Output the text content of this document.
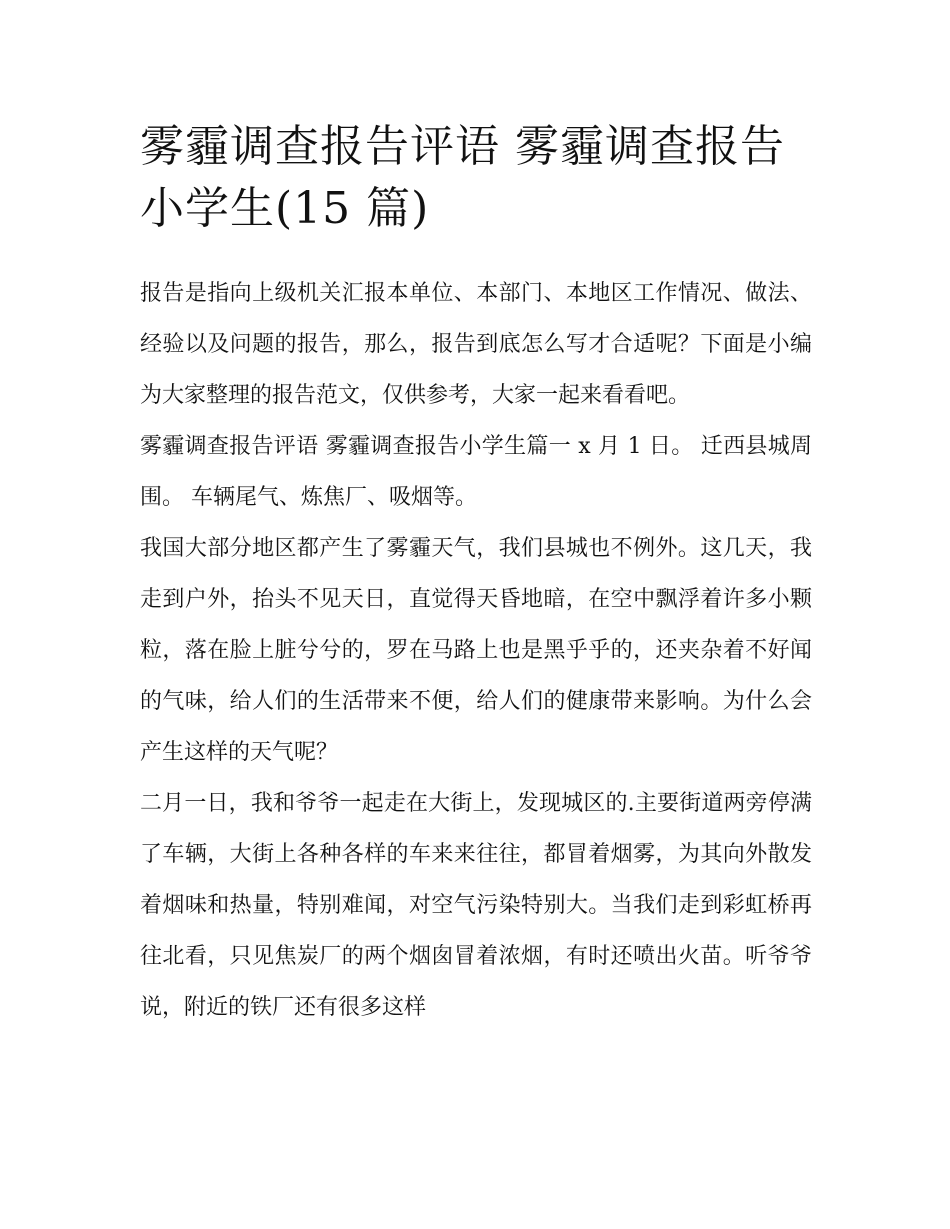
雾霾调查报告评语 雾霾调查报告小学生(15 篇)

报告是指向上级机关汇报本单位、本部门、本地区工作情况、做法、经验以及问题的报告，那么，报告到底怎么写才合适呢？下面是小编为大家整理的报告范文，仅供参考，大家一起来看看吧。

雾霾调查报告评语 雾霾调查报告小学生篇一 x 月 1 日。 迁西县城周围。 车辆尾气、炼焦厂、吸烟等。

我国大部分地区都产生了雾霾天气，我们县城也不例外。这几天，我走到户外，抬头不见天日，直觉得天昏地暗，在空中飘浮着许多小颗粒，落在脸上脏兮兮的，罗在马路上也是黑乎乎的，还夹杂着不好闻的气味，给人们的生活带来不便，给人们的健康带来影响。为什么会产生这样的天气呢？

二月一日，我和爷爷一起走在大街上，发现城区的.主要街道两旁停满了车辆，大街上各种各样的车来来往往，都冒着烟雾，为其向外散发着烟味和热量，特别难闻，对空气污染特别大。当我们走到彩虹桥再往北看，只见焦炭厂的两个烟囱冒着浓烟，有时还喷出火苗。听爷爷说，附近的铁厂还有很多这样
